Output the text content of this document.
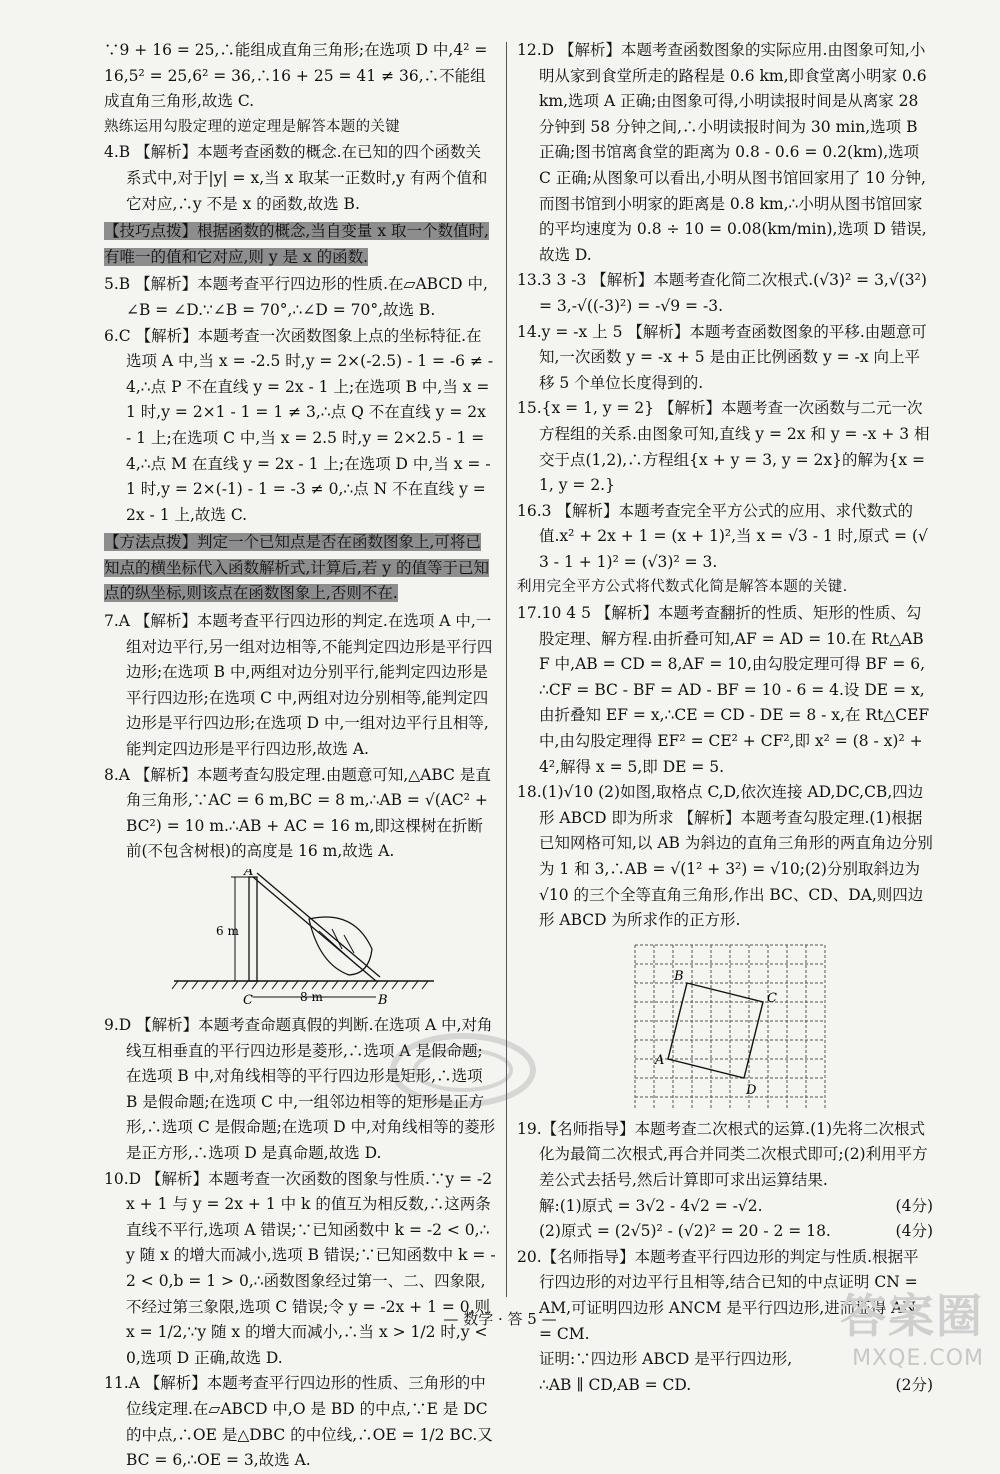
∵9 + 16 = 25,∴能组成直角三角形;在选项 D 中,4² = 16,5² = 25,6² = 36,∴16 + 25 = 41 ≠ 36,∴不能组成直角三角形,故选 C.
熟练运用勾股定理的逆定理是解答本题的关键
4.B 【解析】本题考查函数的概念.在已知的四个函数关系式中,对于|y| = x,当 x 取某一正数时,y 有两个值和它对应,∴y 不是 x 的函数,故选 B.
【技巧点拨】根据函数的概念,当自变量 x 取一个数值时,有唯一的值和它对应,则 y 是 x 的函数.
5.B 【解析】本题考查平行四边形的性质.在▱ABCD 中,∠B = ∠D.∵∠B = 70°,∴∠D = 70°,故选 B.
6.C 【解析】本题考查一次函数图象上点的坐标特征.在选项 A 中,当 x = -2.5 时,y = 2×(-2.5) - 1 = -6 ≠ -4,∴点 P 不在直线 y = 2x - 1 上;在选项 B 中,当 x = 1 时,y = 2×1 - 1 = 1 ≠ 3,∴点 Q 不在直线 y = 2x - 1 上;在选项 C 中,当 x = 2.5 时,y = 2×2.5 - 1 = 4,∴点 M 在直线 y = 2x - 1 上;在选项 D 中,当 x = -1 时,y = 2×(-1) - 1 = -3 ≠ 0,∴点 N 不在直线 y = 2x - 1 上,故选 C.
【方法点拨】判定一个已知点是否在函数图象上,可将已知点的横坐标代入函数解析式,计算后,若 y 的值等于已知点的纵坐标,则该点在函数图象上,否则不在.
7.A 【解析】本题考查平行四边形的判定.在选项 A 中,一组对边平行,另一组对边相等,不能判定四边形是平行四边形;在选项 B 中,两组对边分别平行,能判定四边形是平行四边形;在选项 C 中,两组对边分别相等,能判定四边形是平行四边形;在选项 D 中,一组对边平行且相等,能判定四边形是平行四边形,故选 A.
8.A 【解析】本题考查勾股定理.由题意可知,△ABC 是直角三角形,∵AC = 6 m,BC = 8 m,∴AB = √(AC² + BC²) = 10 m.∴AB + AC = 16 m,即这棵树在折断前(不包含树根)的高度是 16 m,故选 A.
A
C	B
6 m
8 m
9.D 【解析】本题考查命题真假的判断.在选项 A 中,对角线互相垂直的平行四边形是菱形,∴选项 A 是假命题;在选项 B 中,对角线相等的平行四边形是矩形,∴选项 B 是假命题;在选项 C 中,一组邻边相等的矩形是正方形,∴选项 C 是假命题;在选项 D 中,对角线相等的菱形是正方形,∴选项 D 是真命题,故选 D.
10.D 【解析】本题考查一次函数的图象与性质.∵y = -2x + 1 与 y = 2x + 1 中 k 的值互为相反数,∴这两条直线不平行,选项 A 错误;∵已知函数中 k = -2 < 0,∴y 随 x 的增大而减小,选项 B 错误;∵已知函数中 k = -2 < 0,b = 1 > 0,∴函数图象经过第一、二、四象限,不经过第三象限,选项 C 错误;令 y = -2x + 1 = 0,则 x = 1/2,∵y 随 x 的增大而减小,∴当 x > 1/2 时,y < 0,选项 D 正确,故选 D.
11.A 【解析】本题考查平行四边形的性质、三角形的中位线定理.在▱ABCD 中,O 是 BD 的中点,∵E 是 DC 的中点,∴OE 是△DBC 的中位线,∴OE = 1/2 BC.又 BC = 6,∴OE = 3,故选 A.
12.D 【解析】本题考查函数图象的实际应用.由图象可知,小明从家到食堂所走的路程是 0.6 km,即食堂离小明家 0.6 km,选项 A 正确;由图象可得,小明读报时间是从离家 28 分钟到 58 分钟之间,∴小明读报时间为 30 min,选项 B 正确;图书馆离食堂的距离为 0.8 - 0.6 = 0.2(km),选项 C 正确;从图象可以看出,小明从图书馆回家用了 10 分钟,而图书馆到小明家的距离是 0.8 km,∴小明从图书馆回家的平均速度为 0.8 ÷ 10 = 0.08(km/min),选项 D 错误,故选 D.
13.3 3 -3 【解析】本题考查化简二次根式.(√3)² = 3,√(3²) = 3,-√((-3)²) = -√9 = -3.
14.y = -x 上 5 【解析】本题考查函数图象的平移.由题意可知,一次函数 y = -x + 5 是由正比例函数 y = -x 向上平移 5 个单位长度得到的.
15.{x = 1, y = 2} 【解析】本题考查一次函数与二元一次方程组的关系.由图象可知,直线 y = 2x 和 y = -x + 3 相交于点(1,2),∴方程组{x + y = 3, y = 2x}的解为{x = 1, y = 2.}
16.3 【解析】本题考查完全平方公式的应用、求代数式的值.x² + 2x + 1 = (x + 1)²,当 x = √3 - 1 时,原式 = (√3 - 1 + 1)² = (√3)² = 3.
利用完全平方公式将代数式化简是解答本题的关键.
17.10 4 5 【解析】本题考查翻折的性质、矩形的性质、勾股定理、解方程.由折叠可知,AF = AD = 10.在 Rt△ABF 中,AB = CD = 8,AF = 10,由勾股定理可得 BF = 6,∴CF = BC - BF = AD - BF = 10 - 6 = 4.设 DE = x,由折叠知 EF = x,∴CE = CD - DE = 8 - x,在 Rt△CEF 中,由勾股定理得 EF² = CE² + CF²,即 x² = (8 - x)² + 4²,解得 x = 5,即 DE = 5.
18.(1)√10 (2)如图,取格点 C,D,依次连接 AD,DC,CB,四边形 ABCD 即为所求 【解析】本题考查勾股定理.(1)根据已知网格可知,以 AB 为斜边的直角三角形的两直角边分别为 1 和 3,∴AB = √(1² + 3²) = √10;(2)分别取斜边为 √10 的三个全等直角三角形,作出 BC、CD、DA,则四边形 ABCD 为所求作的正方形.
B
C
D
A
19.【名师指导】本题考查二次根式的运算.(1)先将二次根式化为最简二次根式,再合并同类二次根式即可;(2)利用平方差公式去括号,然后计算即可求出运算结果.
(4分)
解:(1)原式 = 3√2 - 4√2 = -√2.
(4分)
(2)原式 = (2√5)² - (√2)² = 20 - 2 = 18.
20.【名师指导】本题考查平行四边形的判定与性质.根据平行四边形的对边平行且相等,结合已知的中点证明 CN = AM,可证明四边形 ANCM 是平行四边形,进而证得 AN = CM.
证明:∵四边形 ABCD 是平行四边形,
(2分)
∴AB ∥ CD,AB = CD.
— 数学 · 答 5 —	答案圈
MXQE.COM
